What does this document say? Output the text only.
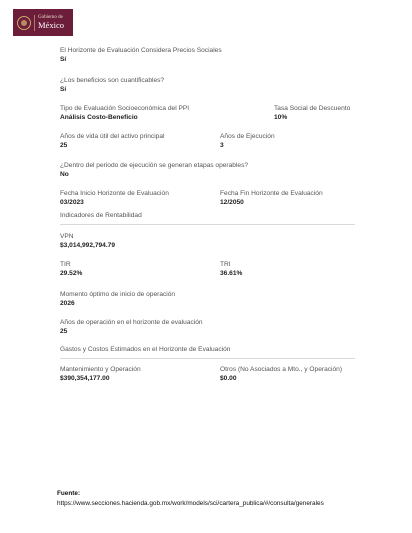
Gobierno de
México
El Horizonte de Evaluación Considera Precios Sociales
Sí
¿Los beneficios son cuantificables?
Sí
Tipo de Evaluación Socioeconómica del PPI
Análisis Costo-Beneficio
Tasa Social de Descuento
10%
Años de vida útil del activo principal
25
Años de Ejecución
3
¿Dentro del periodo de ejecución se generan etapas operables?
No
Fecha Inicio Horizonte de Evaluación
03/2023
Fecha Fin Horizonte de Evaluación
12/2050
Indicadores de Rentabilidad
VPN
$3,014,992,794.79
TIR
29.52%
TRI
36.61%
Momento óptimo de inicio de operación
2026
Años de operación en el horizonte de evaluación
25
Gastos y Costos Estimados en el Horizonte de Evaluación
Mantenimiento y Operación
$390,354,177.00
Otros (No Asociados a Mto., y Operación)
$0.00
Fuente:
https://www.secciones.hacienda.gob.mx/work/models/sci/cartera_publica/#/consulta/generales
